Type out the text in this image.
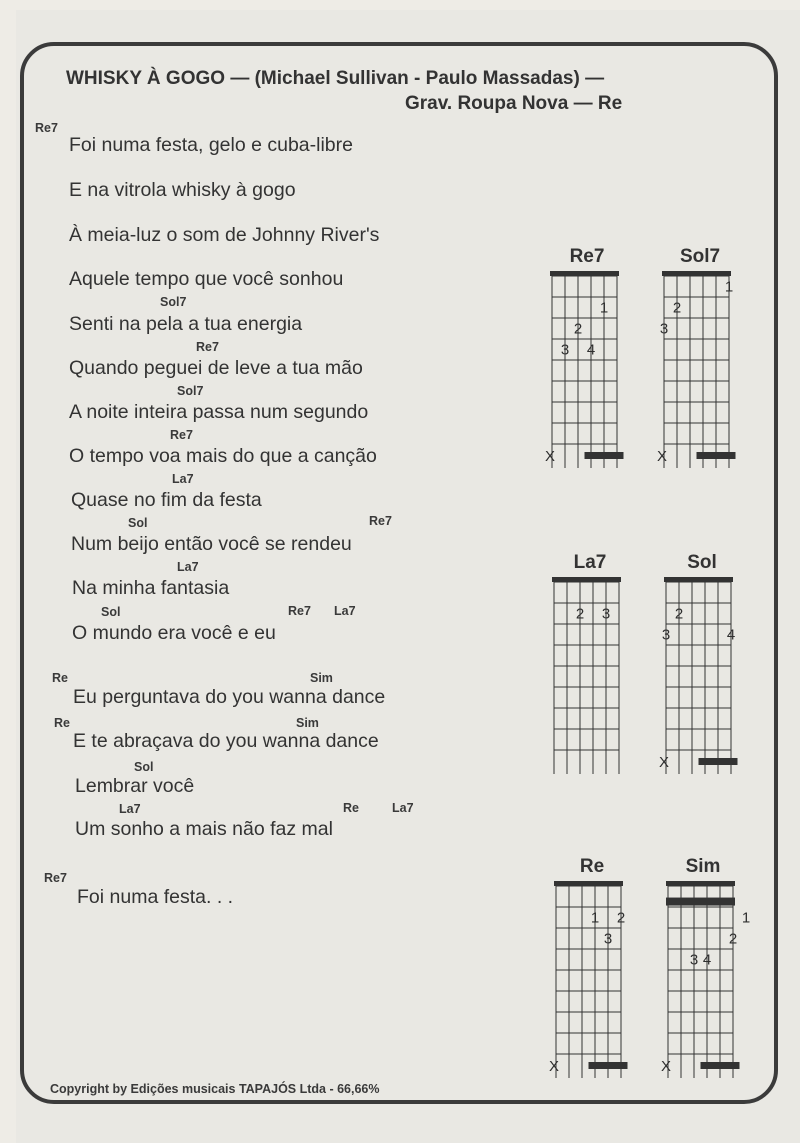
WHISKY À GOGO — (Michael Sullivan - Paulo Massadas) —
Grav. Roupa Nova — Re
Foi numa festa, gelo e cuba-libre
E na vitrola whisky à gogo
À meia-luz o som de Johnny River's
Aquele tempo que você sonhou
Senti na pela a tua energia
Quando peguei de leve a tua mão
A noite inteira passa num segundo
O tempo voa mais do que a canção
Quase no fim da festa
Num beijo então você se rendeu
Na minha fantasia
O mundo era você e eu
Eu perguntava do you wanna dance
E te abraçava do you wanna dance
Lembrar você
Um sonho a mais não faz mal
Foi numa festa. . .
Re7
Sol7
Re7
Sol7
Re7
La7
Sol	Re7
La7
Sol	Re7 La7
Re	Sim
Re	Sim
Sol
La7	Re	La7
Re7
Re7	Sol7
La7	Sol
Re	Sim
3
2
4
1
X
1
2
3
X
2 3	2
3	4
X
1 2
3
X
1
2
3 4
X
Copyright by Edições musicais TAPAJÓS Ltda - 66,66%
